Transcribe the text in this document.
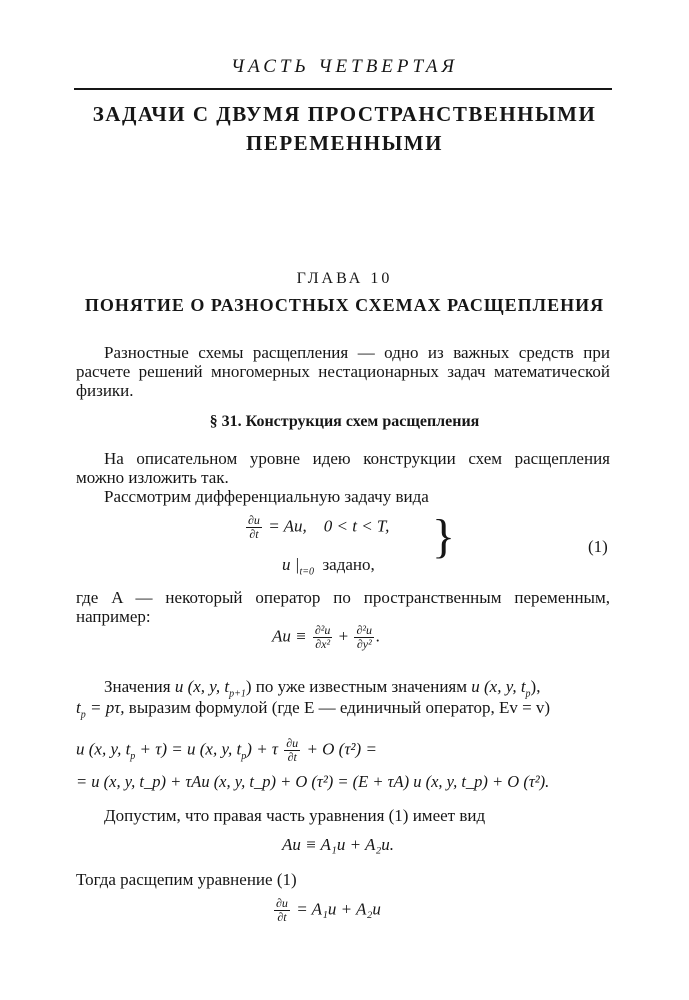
ЧАСТЬ ЧЕТВЕРТАЯ
ЗАДАЧИ С ДВУМЯ ПРОСТРАНСТВЕННЫМИ
ПЕРЕМЕННЫМИ
ГЛАВА 10
ПОНЯТИЕ О РАЗНОСТНЫХ СХЕМАХ РАСЩЕПЛЕНИЯ
Разностные схемы расщепления — одно из важных средств при расчете решений многомерных нестационарных задач математической физики.
§ 31. Конструкция схем расщепления
На описательном уровне идею конструкции схем расщепления можно изложить так.
Рассмотрим дифференциальную задачу вида
$\frac{\partial u}{\partial t} = Au$, 0 < t < T,
u $|_{t=0}$ задано,
}	(1)
где A — некоторый оператор по пространственным переменным, например:
$Au \equiv \frac{\text{∂²u}}{\text{∂x²}} + \frac{\text{∂²u}}{\text{∂y²}}$ .
Значения u (x, y, $t_{p+1}$) по уже известным значениям u (x, y, $t_p$),
$t_p = p\tau$, выразим формулой (где E — единичный оператор, Ev = v)
u (x, y, $t_p + \tau) = u$ (x, y, $t_p) + \tau \frac{\partial u}{\partial t} + O$ (τ²) =
= u (x, y, t_p) + τAu (x, y, t_p) + O (τ²) = (E + τA) u (x, y, t_p) + O (τ²).
Допустим, что правая часть уравнения (1) имеет вид
Au ≡ A₁u + A₂u.
Тогда расщепим уравнение (1)
$\frac{\partial u}{\partial t} = A_1u + A_2u$
